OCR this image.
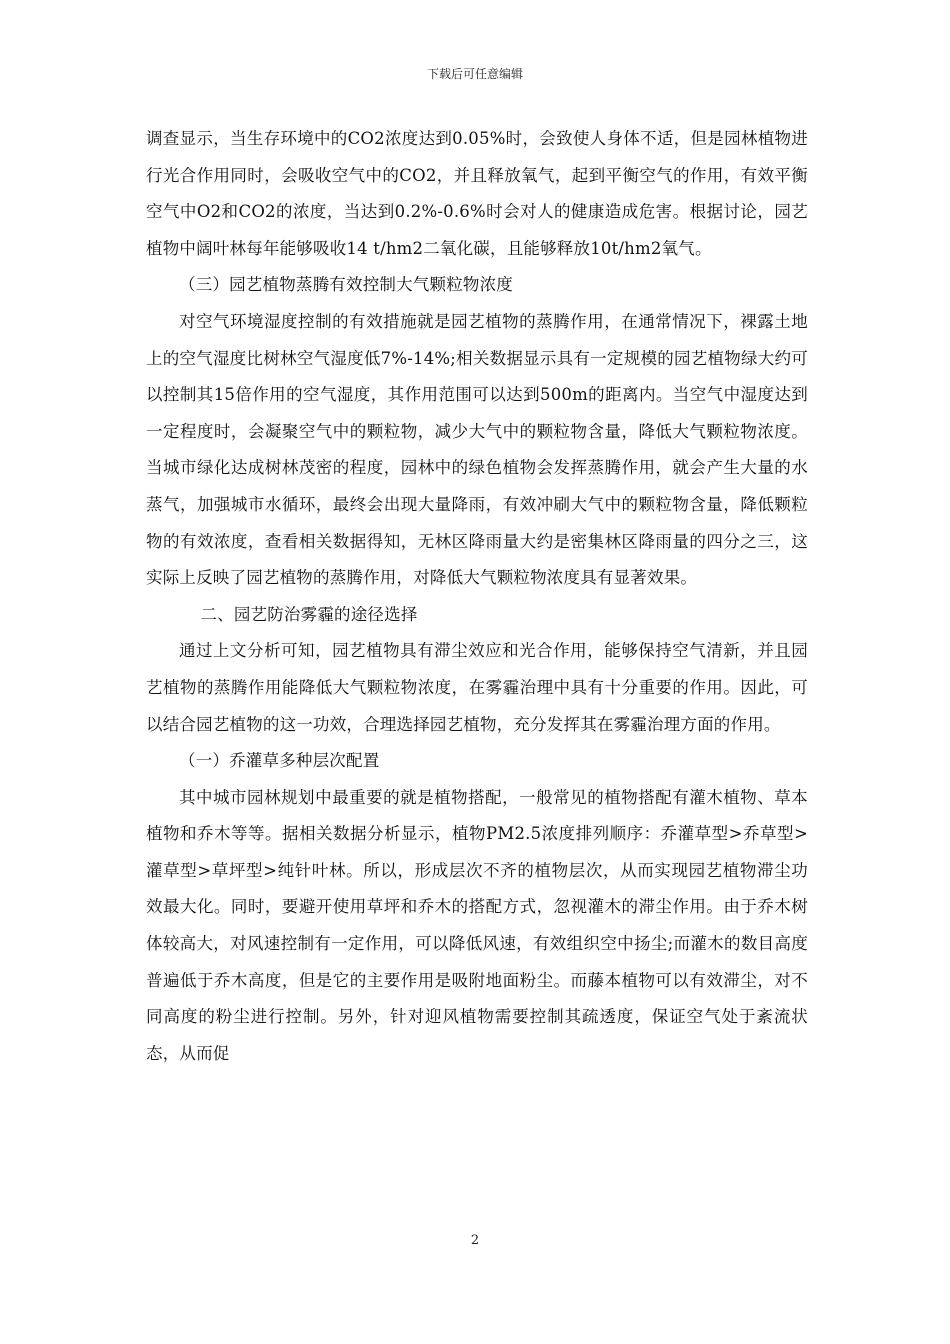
下载后可任意编辑

调查显示，当生存环境中的CO2浓度达到0.05%时，会致使人身体不适，但是园林植物进行光合作用同时，会吸收空气中的CO2，并且释放氧气，起到平衡空气的作用，有效平衡空气中O2和CO2的浓度，当达到0.2%-0.6%时会对人的健康造成危害。根据讨论，园艺植物中阔叶林每年能够吸收14 t/hm2二氧化碳，且能够释放10t/hm2氧气。

（三）园艺植物蒸腾有效控制大气颗粒物浓度

对空气环境湿度控制的有效措施就是园艺植物的蒸腾作用，在通常情况下，裸露土地上的空气湿度比树林空气湿度低7%-14%;相关数据显示具有一定规模的园艺植物绿大约可以控制其15倍作用的空气湿度，其作用范围可以达到500m的距离内。当空气中湿度达到一定程度时，会凝聚空气中的颗粒物，减少大气中的颗粒物含量，降低大气颗粒物浓度。当城市绿化达成树林茂密的程度，园林中的绿色植物会发挥蒸腾作用，就会产生大量的水蒸气，加强城市水循环，最终会出现大量降雨，有效冲刷大气中的颗粒物含量，降低颗粒物的有效浓度，查看相关数据得知，无林区降雨量大约是密集林区降雨量的四分之三，这实际上反映了园艺植物的蒸腾作用，对降低大气颗粒物浓度具有显著效果。

二、园艺防治雾霾的途径选择

通过上文分析可知，园艺植物具有滞尘效应和光合作用，能够保持空气清新，并且园艺植物的蒸腾作用能降低大气颗粒物浓度，在雾霾治理中具有十分重要的作用。因此，可以结合园艺植物的这一功效，合理选择园艺植物，充分发挥其在雾霾治理方面的作用。

（一）乔灌草多种层次配置

其中城市园林规划中最重要的就是植物搭配，一般常见的植物搭配有灌木植物、草本植物和乔木等等。据相关数据分析显示，植物PM2.5浓度排列顺序：乔灌草型>乔草型>灌草型>草坪型>纯针叶林。所以，形成层次不齐的植物层次，从而实现园艺植物滞尘功效最大化。同时，要避开使用草坪和乔木的搭配方式，忽视灌木的滞尘作用。由于乔木树体较高大，对风速控制有一定作用，可以降低风速，有效组织空中扬尘;而灌木的数目高度普遍低于乔木高度，但是它的主要作用是吸附地面粉尘。而藤本植物可以有效滞尘，对不同高度的粉尘进行控制。另外，针对迎风植物需要控制其疏透度，保证空气处于紊流状态，从而促

2
